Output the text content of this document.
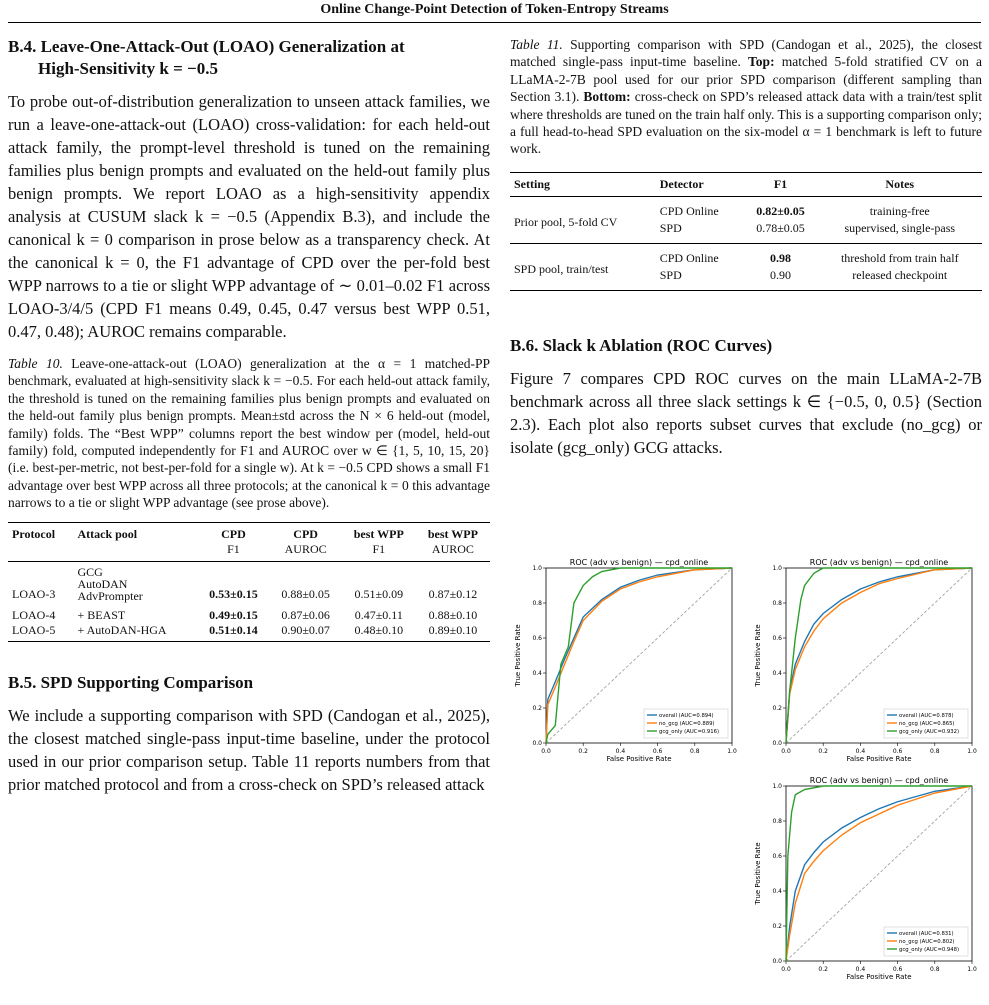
Online Change-Point Detection of Token-Entropy Streams
B.4. Leave-One-Attack-Out (LOAO) Generalization at
High-Sensitivity k = −0.5

To probe out-of-distribution generalization to unseen attack families, we run a leave-one-attack-out (LOAO) cross-validation: for each held-out attack family, the prompt-level threshold is tuned on the remaining families plus benign prompts and evaluated on the held-out family plus benign prompts. We report LOAO as a high-sensitivity appendix analysis at CUSUM slack k = −0.5 (Appendix B.3), and include the canonical k = 0 comparison in prose below as a transparency check. At the canonical k = 0, the F1 advantage of CPD over the per-fold best WPP narrows to a tie or slight WPP advantage of ∼ 0.01–0.02 F1 across LOAO-3/4/5 (CPD F1 means 0.49, 0.45, 0.47 versus best WPP 0.51, 0.47, 0.48); AUROC remains comparable.

Table 10. Leave-one-attack-out (LOAO) generalization at the α = 1 matched-PP benchmark, evaluated at high-sensitivity slack k = −0.5. For each held-out attack family, the threshold is tuned on the remaining families plus benign prompts and evaluated on the held-out family plus benign prompts. Mean±std across the N × 6 held-out (model, family) folds. The “Best WPP” columns report the best window per (model, held-out family) fold, computed independently for F1 and AUROC over w ∈ {1, 5, 10, 15, 20} (i.e. best-per-metric, not best-per-fold for a single w). At k = −0.5 CPD shows a small F1 advantage over best WPP across all three protocols; at the canonical k = 0 this advantage narrows to a tie or slight WPP advantage (see prose above).

Protocol	Attack pool	CPD	CPD	best WPP	best WPP
		F1	AUROC	F1	AUROC
LOAO-3	GCG
AutoDAN
AdvPrompter	0.53±0.15	0.88±0.05	0.51±0.09	0.87±0.12
LOAO-4	+ BEAST	0.49±0.15	0.87±0.06	0.47±0.11	0.88±0.10
LOAO-5	+ AutoDAN-HGA	0.51±0.14	0.90±0.07	0.48±0.10	0.89±0.10
B.5. SPD Supporting Comparison

We include a supporting comparison with SPD (Candogan et al., 2025), the closest matched single-pass input-time baseline, under the protocol used in our prior comparison setup. Table 11 reports numbers from that prior matched protocol and from a cross-check on SPD’s released attack

Table 11. Supporting comparison with SPD (Candogan et al., 2025), the closest matched single-pass input-time baseline. Top: matched 5-fold stratified CV on a LLaMA-2-7B pool used for our prior SPD comparison (different sampling than Section 3.1). Bottom: cross-check on SPD’s released attack data with a train/test split where thresholds are tuned on the train half only. This is a supporting comparison only; a full head-to-head SPD evaluation on the six-model α = 1 benchmark is left to future work.

Setting	Detector	F1	Notes
Prior pool, 5-fold CV	CPD Online	0.82±0.05	training-free
	SPD	0.78±0.05	supervised, single-pass
SPD pool, train/test	CPD Online	0.98	threshold from train half
	SPD	0.90	released checkpoint
B.6. Slack k Ablation (ROC Curves)

Figure 7 compares CPD ROC curves on the main LLaMA-2-7B benchmark across all three slack settings k ∈ {−0.5, 0, 0.5} (Section 2.3). Each plot also reports subset curves that exclude (no_gcg) or isolate (gcg_only) GCG attacks.

ROC (adv vs benign) — cpd_online
0.0	0.2	0.4	0.6	0.8	1.0
0.0
0.2
0.4
0.6
0.8
1.0
False Positive Rate
True Positive Rate
overall (AUC=0.894)
no_gcg (AUC=0.889)
gcg_only (AUC=0.916)
ROC (adv vs benign) — cpd_online
0.0	0.2	0.4	0.6	0.8	1.0
0.0
0.2
0.4
0.6
0.8
1.0
False Positive Rate
True Positive Rate
overall (AUC=0.878)
no_gcg (AUC=0.865)
gcg_only (AUC=0.932)
ROC (adv vs benign) — cpd_online
0.0	0.2	0.4	0.6	0.8	1.0
0.0
0.2
0.4
0.6
0.8
1.0
False Positive Rate
True Positive Rate
overall (AUC=0.831)
no_gcg (AUC=0.802)
gcg_only (AUC=0.948)
